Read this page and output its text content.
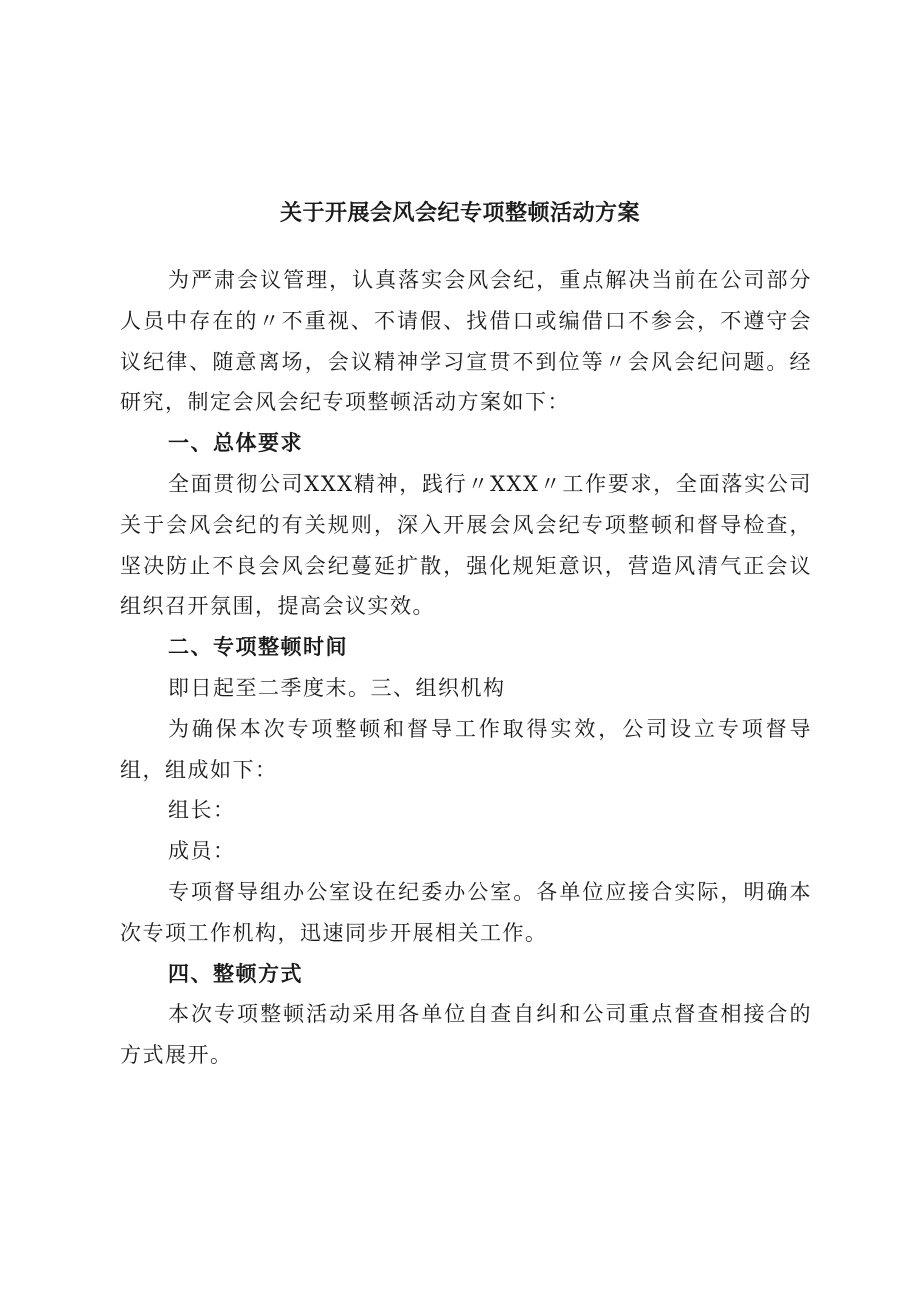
关于开展会风会纪专项整顿活动方案

为严肃会议管理，认真落实会风会纪，重点解决当前在公司部分人员中存在的〃不重视、不请假、找借口或编借口不参会，不遵守会议纪律、随意离场，会议精神学习宣贯不到位等〃会风会纪问题。经研究，制定会风会纪专项整顿活动方案如下：

一、总体要求

全面贯彻公司XXX精神，践行〃XXX〃工作要求，全面落实公司关于会风会纪的有关规则，深入开展会风会纪专项整顿和督导检查，坚决防止不良会风会纪蔓延扩散，强化规矩意识，营造风清气正会议组织召开氛围，提高会议实效。

二、专项整顿时间

即日起至二季度末。三、组织机构

为确保本次专项整顿和督导工作取得实效，公司设立专项督导组，组成如下：

组长：

成员：

专项督导组办公室设在纪委办公室。各单位应接合实际，明确本次专项工作机构，迅速同步开展相关工作。

四、整顿方式

本次专项整顿活动采用各单位自查自纠和公司重点督查相接合的方式展开。
